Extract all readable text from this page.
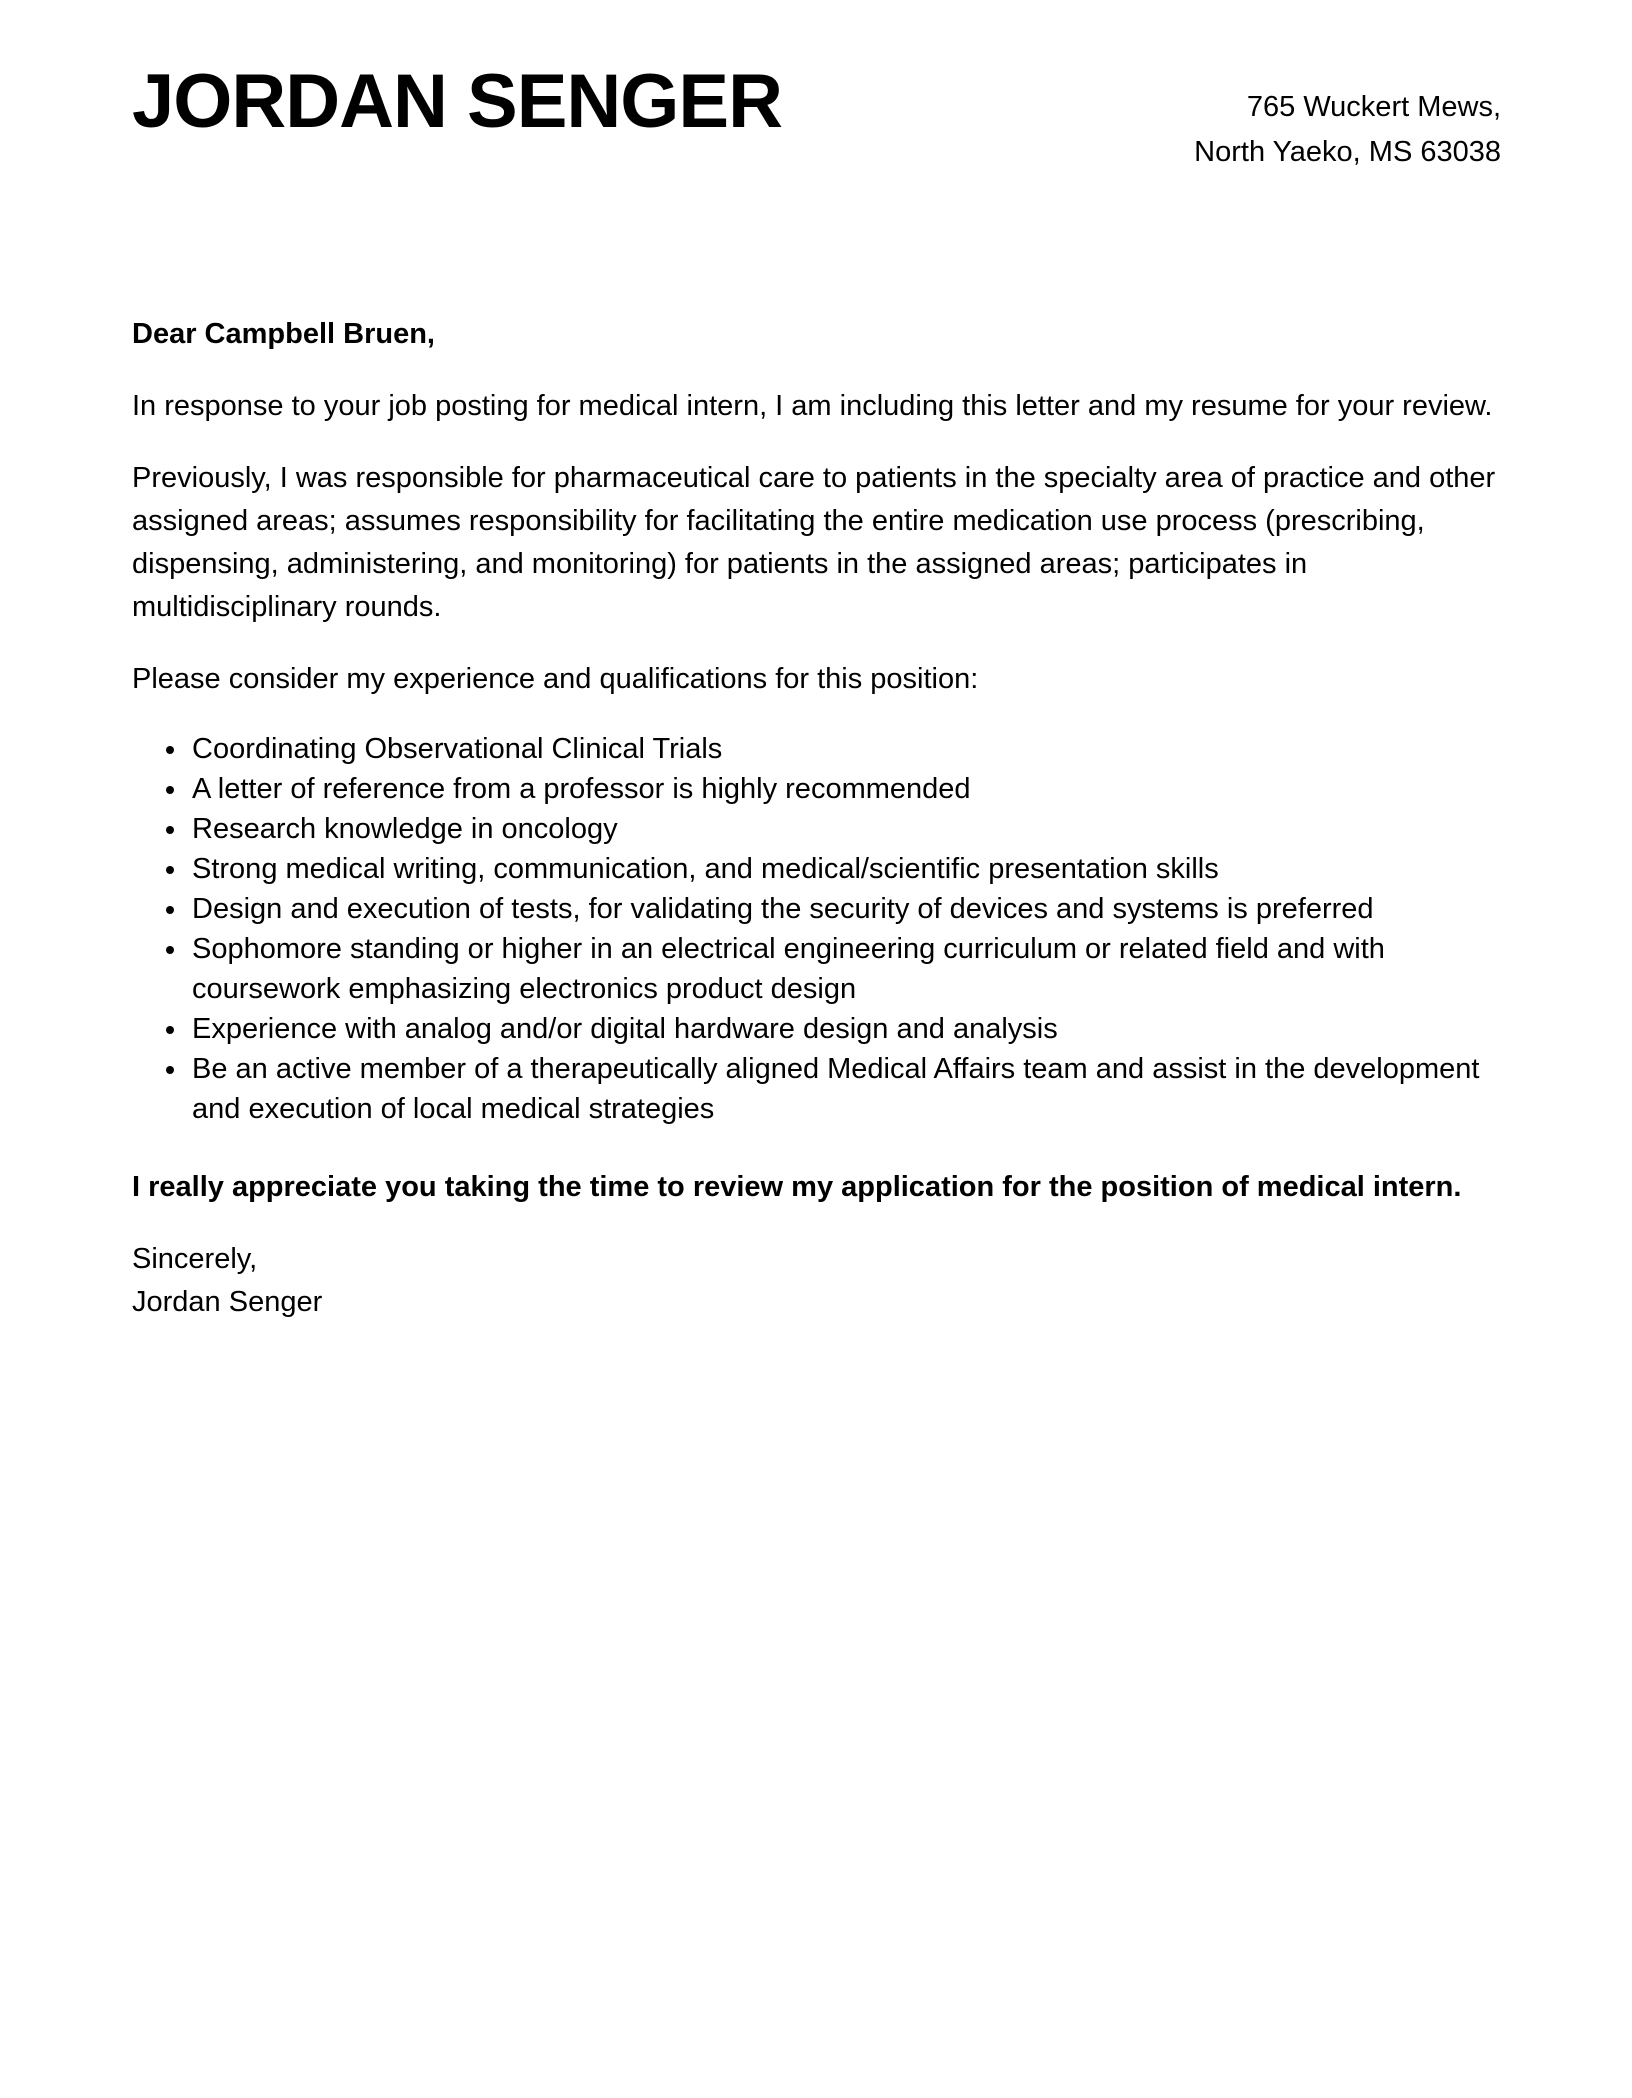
JORDAN SENGER	765 Wuckert Mews,
North Yaeko, MS 63038

Dear Campbell Bruen,

In response to your job posting for medical intern, I am including this letter and my resume for your review.

Previously, I was responsible for pharmaceutical care to patients in the specialty area of practice and other assigned areas; assumes responsibility for facilitating the entire medication use process (prescribing, dispensing, administering, and monitoring) for patients in the assigned areas; participates in multidisciplinary rounds.

Please consider my experience and qualifications for this position:

• Coordinating Observational Clinical Trials
• A letter of reference from a professor is highly recommended
• Research knowledge in oncology
• Strong medical writing, communication, and medical/scientific presentation skills
• Design and execution of tests, for validating the security of devices and systems is preferred
• Sophomore standing or higher in an electrical engineering curriculum or related field and with coursework emphasizing electronics product design
• Experience with analog and/or digital hardware design and analysis
• Be an active member of a therapeutically aligned Medical Affairs team and assist in the development and execution of local medical strategies

I really appreciate you taking the time to review my application for the position of medical intern.

Sincerely,
Jordan Senger
